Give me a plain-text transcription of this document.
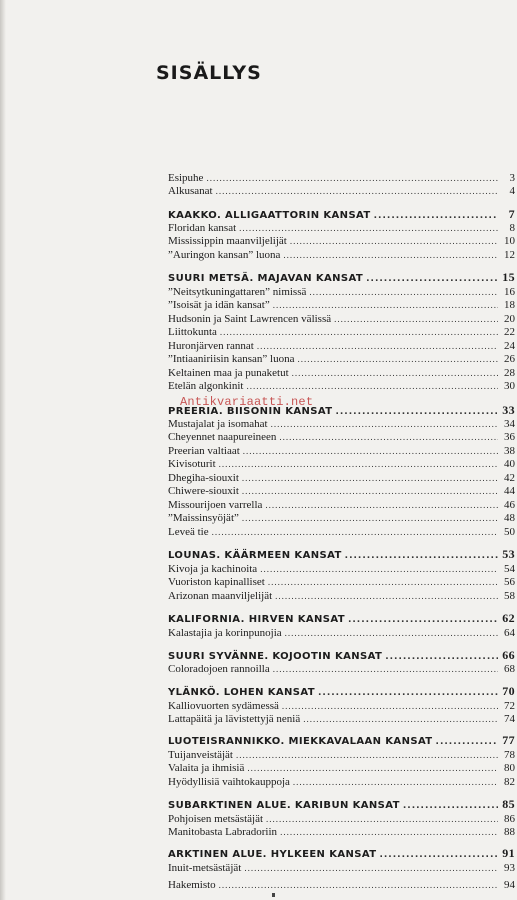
SISÄLLYS
Esipuhe .....	3
Alkusanat .....	4
KAAKKO. ALLIGAATTORIN KANSAT .....	7
Floridan kansat .....	8
Mississippin maanviljelijät .....	10
”Auringon kansan” luona .....	12
SUURI METSÄ. MAJAVAN KANSAT .....	15
”Neitsytkuningattaren” nimissä .....	16
”Isoisät ja idän kansat” .....	18
Hudsonin ja Saint Lawrencen välissä .....	20
Liittokunta .....	22
Huronjärven rannat .....	24
”Intiaaniriisin kansan” luona .....	26
Keltainen maa ja punaketut .....	28
Etelän algonkinit .....	30
PREERIA. BIISONIN KANSAT .....	33
Mustajalat ja isomahat .....	34
Cheyennet naapureineen .....	36
Preerian valtiaat .....	38
Kivisoturit .....	40
Dhegiha-siouxit .....	42
Chiwere-siouxit .....	44
Missourijoen varrella .....	46
”Maissinsyöjät” .....	48
Leveä tie .....	50
LOUNAS. KÄÄRMEEN KANSAT .....	53
Kivoja ja kachinoita .....	54
Vuoriston kapinalliset .....	56
Arizonan maanviljelijät .....	58
KALIFORNIA. HIRVEN KANSAT .....	62
Kalastajia ja korinpunojia .....	64
SUURI SYVÄNNE. KOJOOTIN KANSAT .....	66
Coloradojoen rannoilla .....	68
YLÄNKÖ. LOHEN KANSAT .....	70
Kalliovuorten sydämessä .....	72
Lattapäitä ja lävistettyjä neniä .....	74
LUOTEISRANNIKKO. MIEKKAVALAAN KANSAT .....	77
Tuijanveistäjät .....	78
Valaita ja ihmisiä .....	80
Hyödyllisiä vaihtokauppoja .....	82
SUBARKTINEN ALUE. KARIBUN KANSAT .....	85
Pohjoisen metsästäjät .....	86
Manitobasta Labradoriin .....	88
ARKTINEN ALUE. HYLKEEN KANSAT .....	91
Inuit-metsästäjät .....	93
Hakemisto .....	94
Antikvariaatti.net
